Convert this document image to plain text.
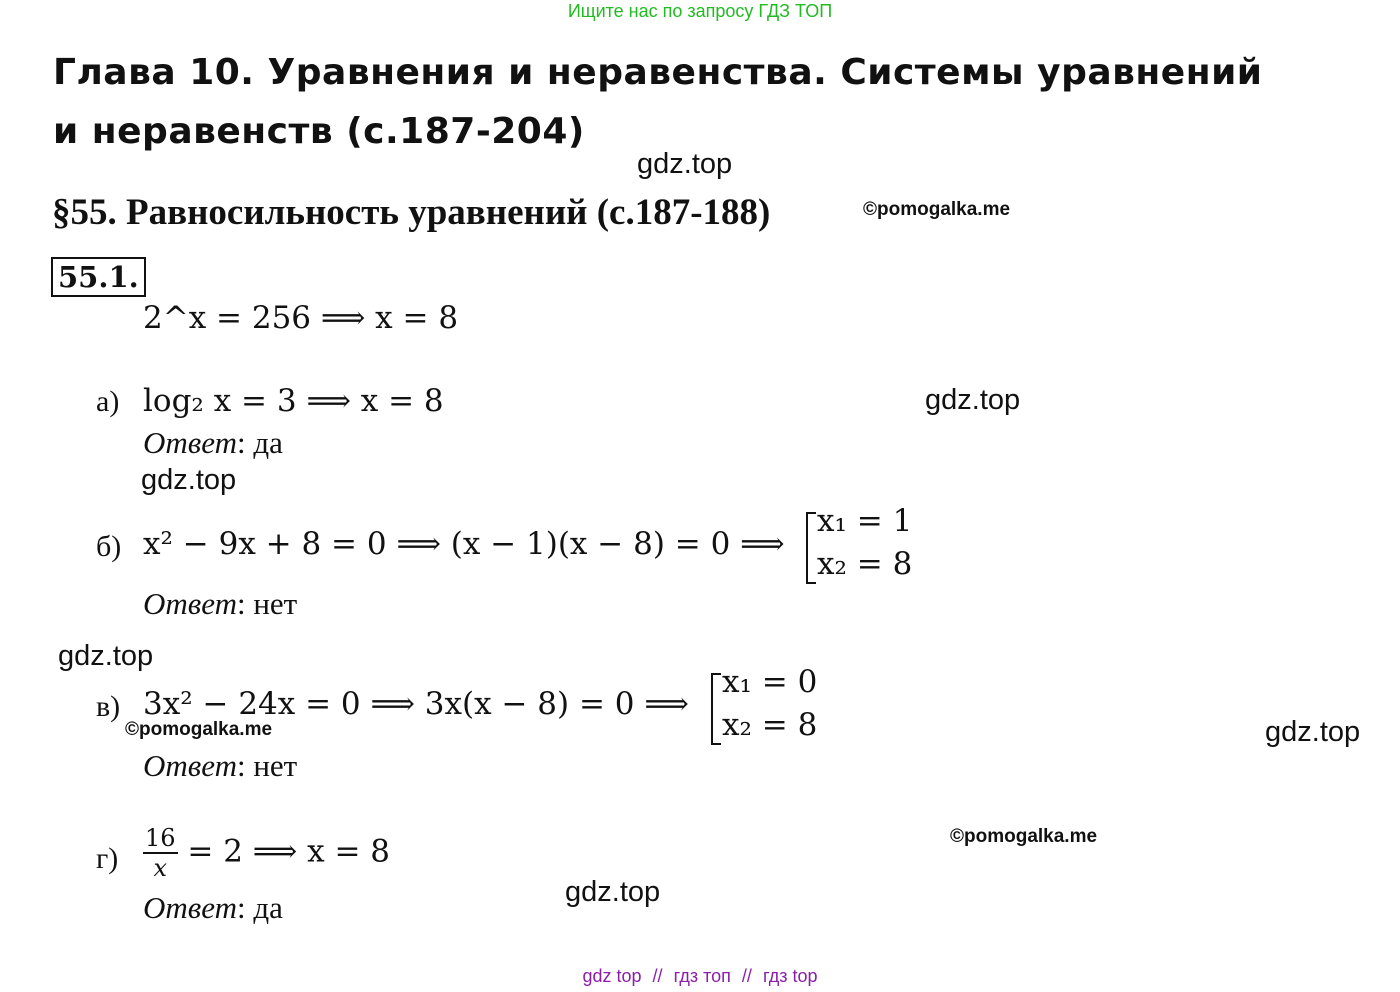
Ищите нас по запросу ГДЗ ТОП
Глава 10. Уравнения и неравенства. Системы уравнений
и неравенств (с.187-204)
gdz.top
§55. Равносильность уравнений (с.187-188)	©pomogalka.me
55.1.
2^x = 256 ⟹ x = 8
а) log₂ x = 3 ⟹ x = 8
Ответ: да
gdz.top
gdz.top
б) x² − 9x + 8 = 0 ⟹ (x − 1)(x − 8) = 0 ⟹
x₁ = 1
x₂ = 8
Ответ: нет
gdz.top
в) 3x² − 24x = 0 ⟹ 3x(x − 8) = 0 ⟹
x₁ = 0
x₂ = 8
©pomogalka.me
Ответ: нет
gdz.top
$г) \frac{16}{x} = 2$ ⟹ x = 8	©pomogalka.me
Ответ: да	gdz.top
gdz top // гдз топ // гдз top
